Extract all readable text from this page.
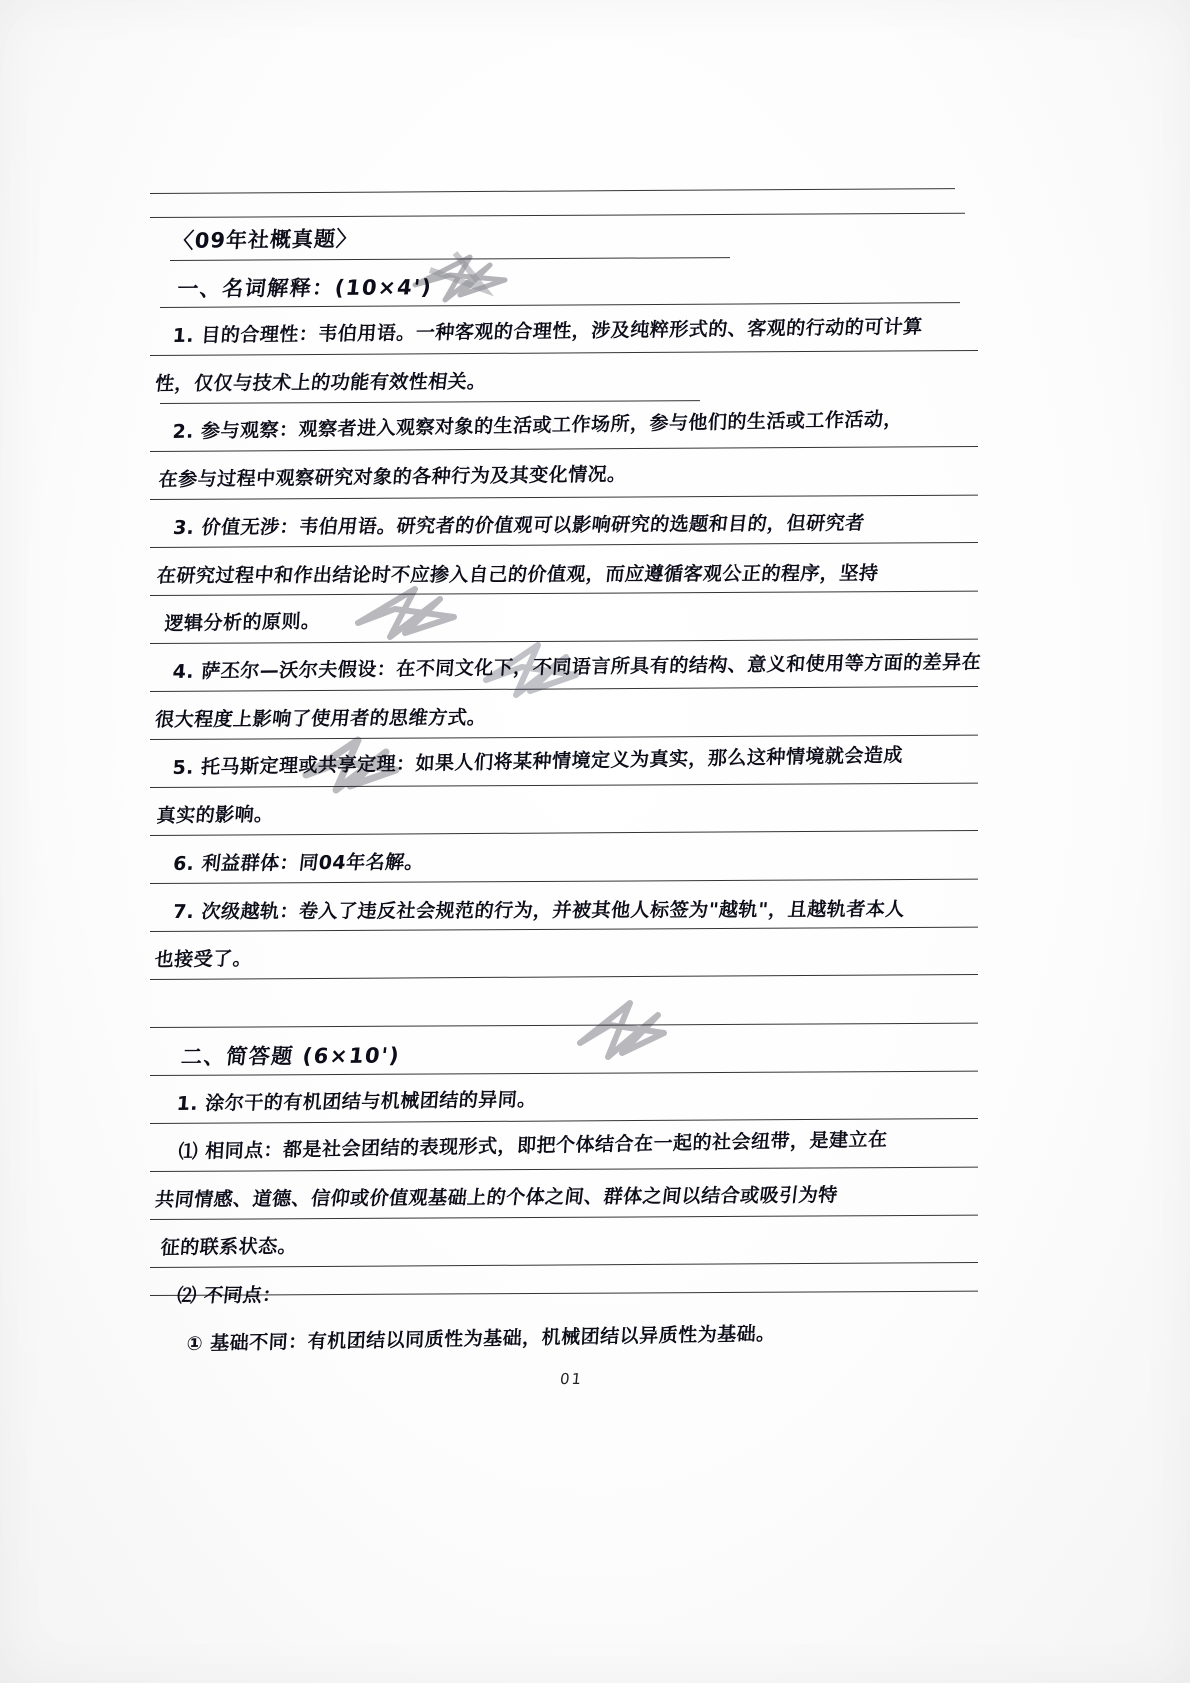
〈09年社概真题〉
一、名词解释：(10×4')
1. 目的合理性：韦伯用语。一种客观的合理性，涉及纯粹形式的、客观的行动的可计算
性，仅仅与技术上的功能有效性相关。
2. 参与观察：观察者进入观察对象的生活或工作场所，参与他们的生活或工作活动，
在参与过程中观察研究对象的各种行为及其变化情况。
3. 价值无涉：韦伯用语。研究者的价值观可以影响研究的选题和目的，但研究者
在研究过程中和作出结论时不应掺入自己的价值观，而应遵循客观公正的程序，坚持
逻辑分析的原则。
4. 萨丕尔—沃尔夫假设：在不同文化下，不同语言所具有的结构、意义和使用等方面的差异在
很大程度上影响了使用者的思维方式。
5. 托马斯定理或共享定理：如果人们将某种情境定义为真实，那么这种情境就会造成
真实的影响。
6. 利益群体：同04年名解。
7. 次级越轨：卷入了违反社会规范的行为，并被其他人标签为"越轨"，且越轨者本人
也接受了。
二、简答题 (6×10')
1. 涂尔干的有机团结与机械团结的异同。
⑴ 相同点：都是社会团结的表现形式，即把个体结合在一起的社会纽带，是建立在
共同情感、道德、信仰或价值观基础上的个体之间、群体之间以结合或吸引为特
征的联系状态。
⑵ 不同点：
① 基础不同：有机团结以同质性为基础，机械团结以异质性为基础。
01
